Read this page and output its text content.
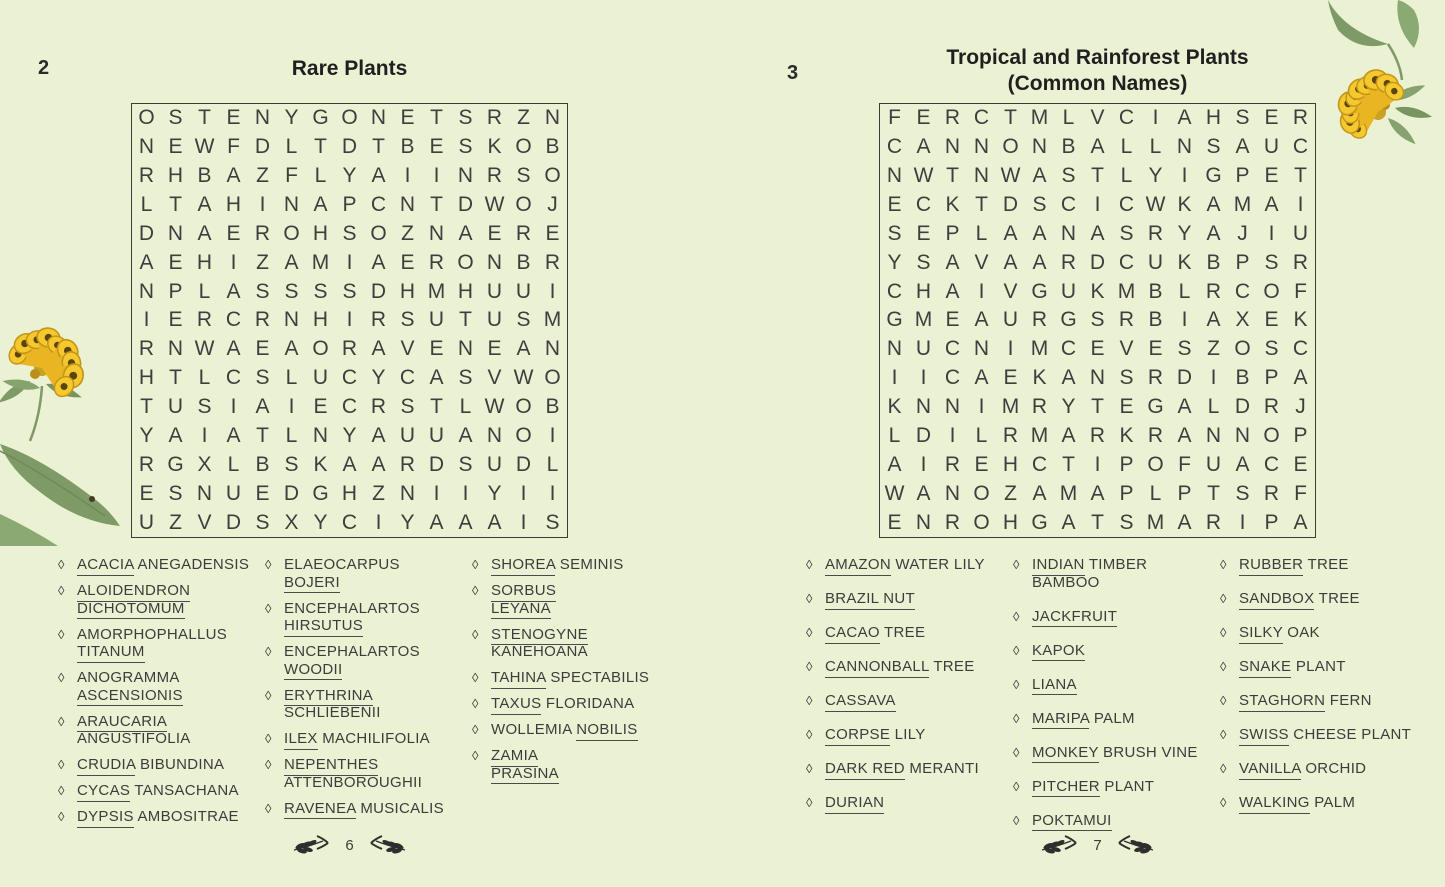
2	Rare Plants
O S T E N Y G O N E T S R Z N
N E W F D L T D T B E S K O B
R H B A Z F L Y A I	I N R S O
L T A H I N A P C N T D W O J
D N A E R O H S O Z N A E R E
A E H I Z A M I A E R O N B R
N P L A S S S S D H M H U U I
I E R C R N H I R S U T U S M
R N W A E A O R A V E N E A N
H T L C S L U C Y C A S V W O
T U S I A I E C R S T L W O B
Y A I A T L N Y A U U A N O I
R G X L B S K A A R D S U D L
E S N U E D G H Z N I	I Y I	I
U Z V D S X Y C I Y A A A I S
◊ ACACIA ANEGADENSIS
◊ ALOIDENDRON
DICHOTOMUM
◊ AMORPHOPHALLUS
TITANUM
◊ ANOGRAMMA
ASCENSIONIS
◊ ARAUCARIA
ANGUSTIFOLIA
◊ CRUDIA BIBUNDINA
◊ CYCAS TANSACHANA
◊ DYPSIS AMBOSITRAE
◊ ELAEOCARPUS
BOJERI
◊ ENCEPHALARTOS
HIRSUTUS
◊ ENCEPHALARTOS
WOODII
◊ ERYTHRINA
SCHLIEBENII
◊ ILEX MACHILIFOLIA
◊ NEPENTHES
ATTENBOROUGHII
◊ RAVENEA MUSICALIS
◊ SHOREA SEMINIS
◊ SORBUS
LEYANA
◊ STENOGYNE
KANEHOANA
◊ TAHINA SPECTABILIS
◊ TAXUS FLORIDANA
◊ WOLLEMIA NOBILIS
◊ ZAMIA
PRASINA
6
3
Tropical and Rainforest Plants
(Common Names)
F E R C T M L V C I A H S E R
C A N N O N B A L L N S A U C
N W T N W A S T L Y I G P E T
E C K T D S C I C W K A M A I
S E P L A A N A S R Y A J I U
Y S A V A A R D C U K B P S R
C H A I V G U K M B L R C O F
G M E A U R G S R B I A X E K
N U C N I M C E V E S Z O S C
I	I C A E K A N S R D I B P A
K N N I M R Y T E G A L D R J
L D I L R M A R K R A N N O P
A I R E H C T I P O F U A C E
W A N O Z A M A P L P T S R F
E N R O H G A T S M A R I P A
◊ AMAZON WATER LILY
◊ BRAZIL NUT
◊ CACAO TREE
◊ CANNONBALL TREE
◊ CASSAVA
◊ CORPSE LILY
◊ DARK RED MERANTI
◊ DURIAN
◊ INDIAN TIMBER
BAMBOO
◊ JACKFRUIT
◊ KAPOK
◊ LIANA
◊ MARIPA PALM
◊ MONKEY BRUSH VINE
◊ PITCHER PLANT
◊ POKTAMUI
◊ RUBBER TREE
◊ SANDBOX TREE
◊ SILKY OAK
◊ SNAKE PLANT
◊ STAGHORN FERN
◊ SWISS CHEESE PLANT
◊ VANILLA ORCHID
◊ WALKING PALM
7
